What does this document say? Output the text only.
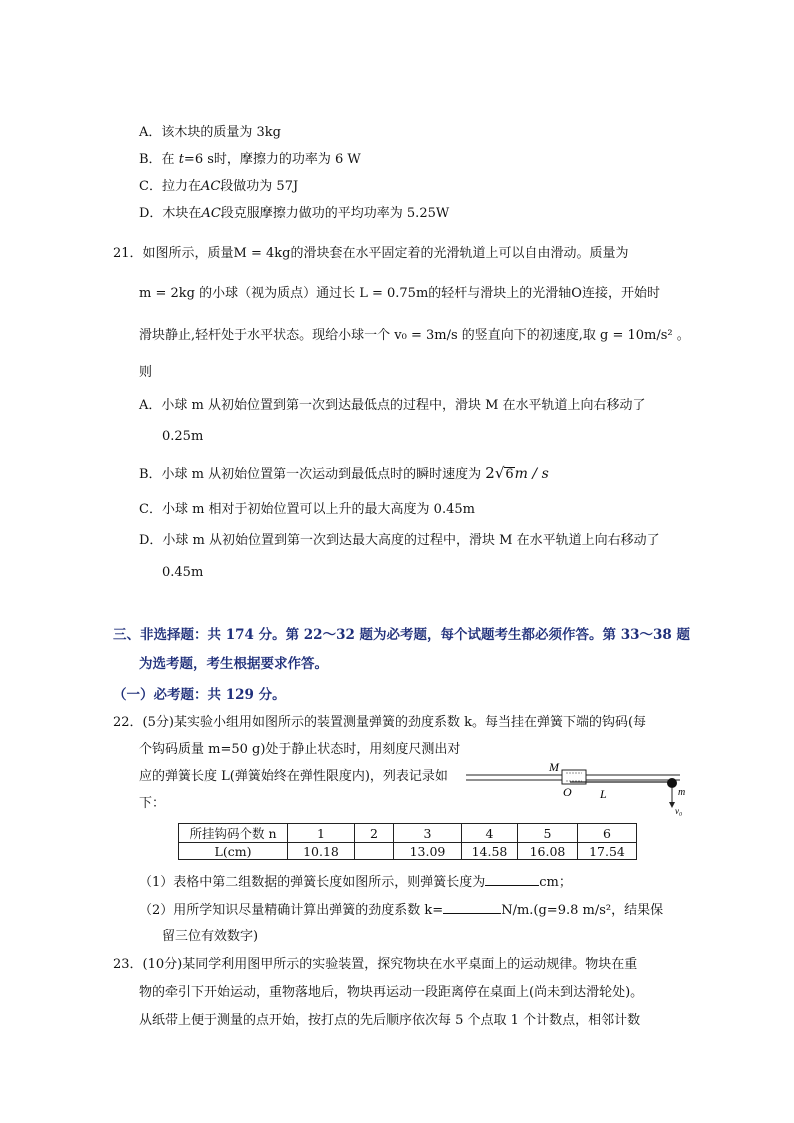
A．该木块的质量为 3kg
B．在 t=6 s时，摩擦力的功率为 6 W
C．拉力在AC段做功为 57J
D．木块在AC段克服摩擦力做功的平均功率为 5.25W
21．如图所示，质量M = 4kg的滑块套在水平固定着的光滑轨道上可以自由滑动。质量为
m = 2kg 的小球（视为质点）通过长 L = 0.75m的轻杆与滑块上的光滑轴O连接，开始时
滑块静止,轻杆处于水平状态。现给小球一个 v₀ = 3m/s 的竖直向下的初速度,取 g = 10m/s² 。
则
A．小球 m 从初始位置到第一次到达最低点的过程中，滑块 M 在水平轨道上向右移动了
0.25m
B．小球 m 从初始位置第一次运动到最低点时的瞬时速度为 2√6m / s
C．小球 m 相对于初始位置可以上升的最大高度为 0.45m
D．小球 m 从初始位置到第一次到达最大高度的过程中，滑块 M 在水平轨道上向右移动了
0.45m
三、非选择题：共 174 分。第 22～32 题为必考题，每个试题考生都必须作答。第 33～38 题
为选考题，考生根据要求作答。
（一）必考题：共 129 分。
22．(5分)某实验小组用如图所示的装置测量弹簧的劲度系数 k。每当挂在弹簧下端的钩码(每
个钩码质量 m=50 g)处于静止状态时，用刻度尺测出对
应的弹簧长度 L(弹簧始终在弹性限度内)，列表记录如
下：
M
O L	m
v₀
所挂钩码个数 n	1	2	3	4	5	6
L(cm)	10.18		13.09	14.58	16.08	17.54
（1）表格中第二组数据的弹簧长度如图所示，则弹簧长度为	cm；
（2）用所学知识尽量精确计算出弹簧的劲度系数 k=	N/m.(g=9.8 m/s²，结果保
留三位有效数字)
23．(10分)某同学利用图甲所示的实验装置，探究物块在水平桌面上的运动规律。物块在重
物的牵引下开始运动，重物落地后，物块再运动一段距离停在桌面上(尚未到达滑轮处)。
从纸带上便于测量的点开始，按打点的先后顺序依次每 5 个点取 1 个计数点，相邻计数
